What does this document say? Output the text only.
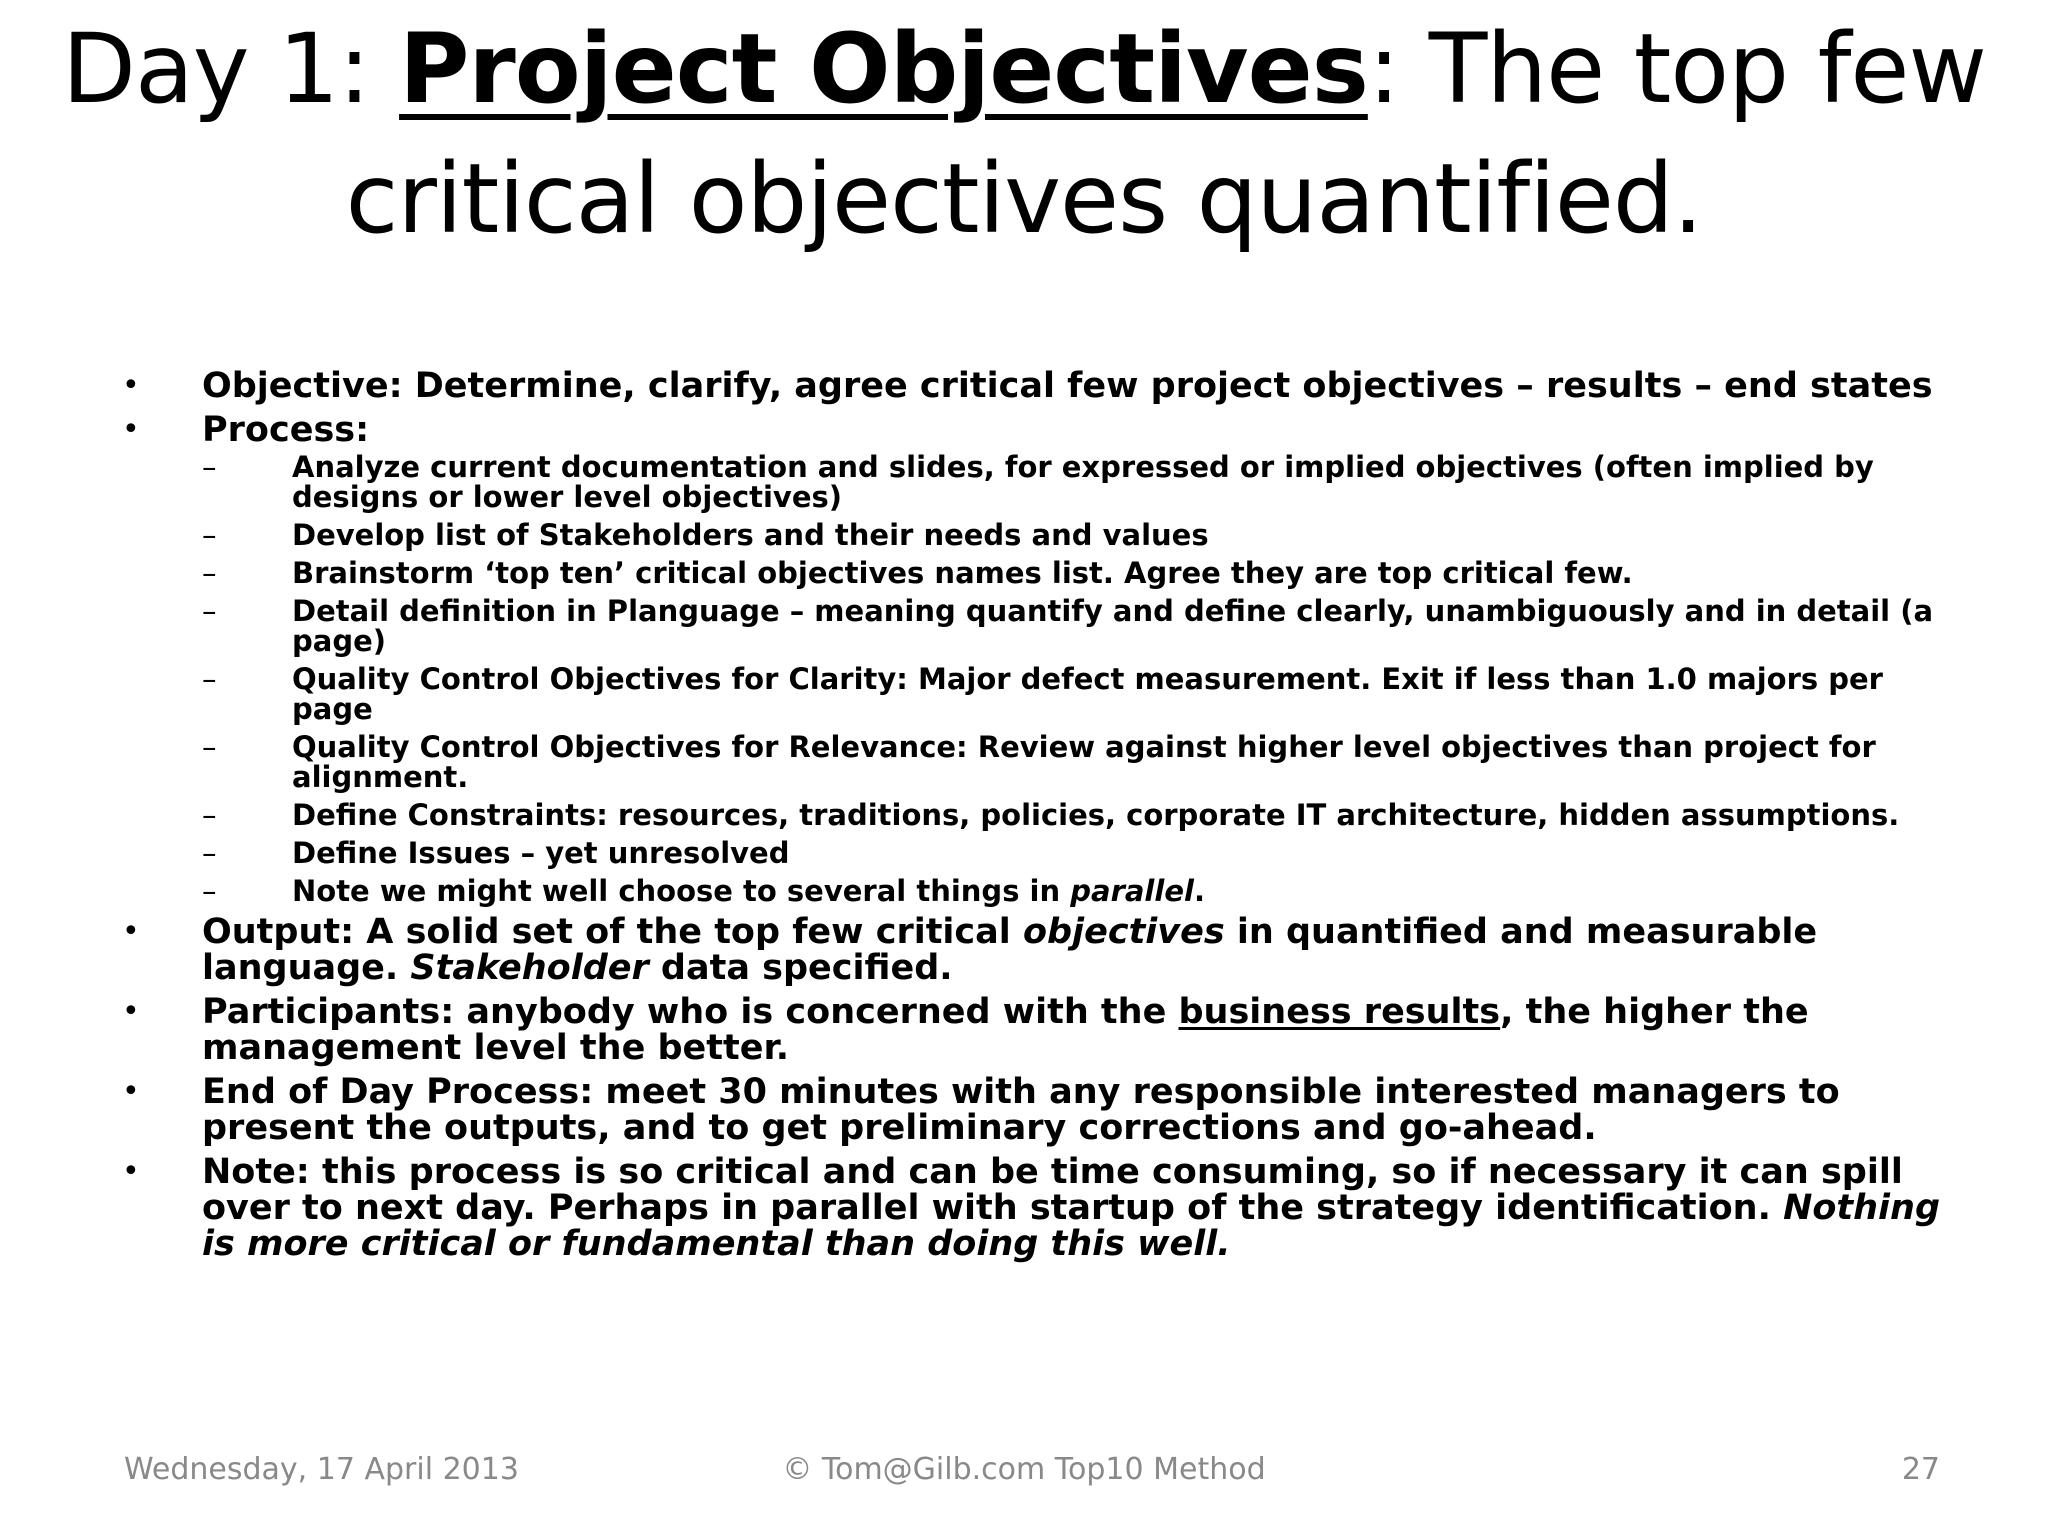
Day 1: Project Objectives: The top few
critical objectives quantified.
• Objective: Determine, clarify, agree critical few project objectives – results – end states
• Process:
–	Analyze current documentation and slides, for expressed or implied objectives (often implied by designs or lower level objectives)
–	Develop list of Stakeholders and their needs and values
–	Brainstorm ‘top ten’ critical objectives names list. Agree they are top critical few.
–	Detail definition in Planguage – meaning quantify and define clearly, unambiguously and in detail (a page)
–	Quality Control Objectives for Clarity: Major defect measurement. Exit if less than 1.0 majors per page
–	Quality Control Objectives for Relevance: Review against higher level objectives than project for alignment.
–	Define Constraints: resources, traditions, policies, corporate IT architecture, hidden assumptions.
–	Define Issues – yet unresolved
–	Note we might well choose to several things in parallel.
• Output: A solid set of the top few critical objectives in quantified and measurable language. Stakeholder data specified.
• Participants: anybody who is concerned with the business results, the higher the management level the better.
• End of Day Process: meet 30 minutes with any responsible interested managers to present the outputs, and to get preliminary corrections and go-ahead.
• Note: this process is so critical and can be time consuming, so if necessary it can spill over to next day. Perhaps in parallel with startup of the strategy identification. Nothing is more critical or fundamental than doing this well.

Wednesday, 17 April 2013	© Tom@Gilb.com Top10 Method	27
